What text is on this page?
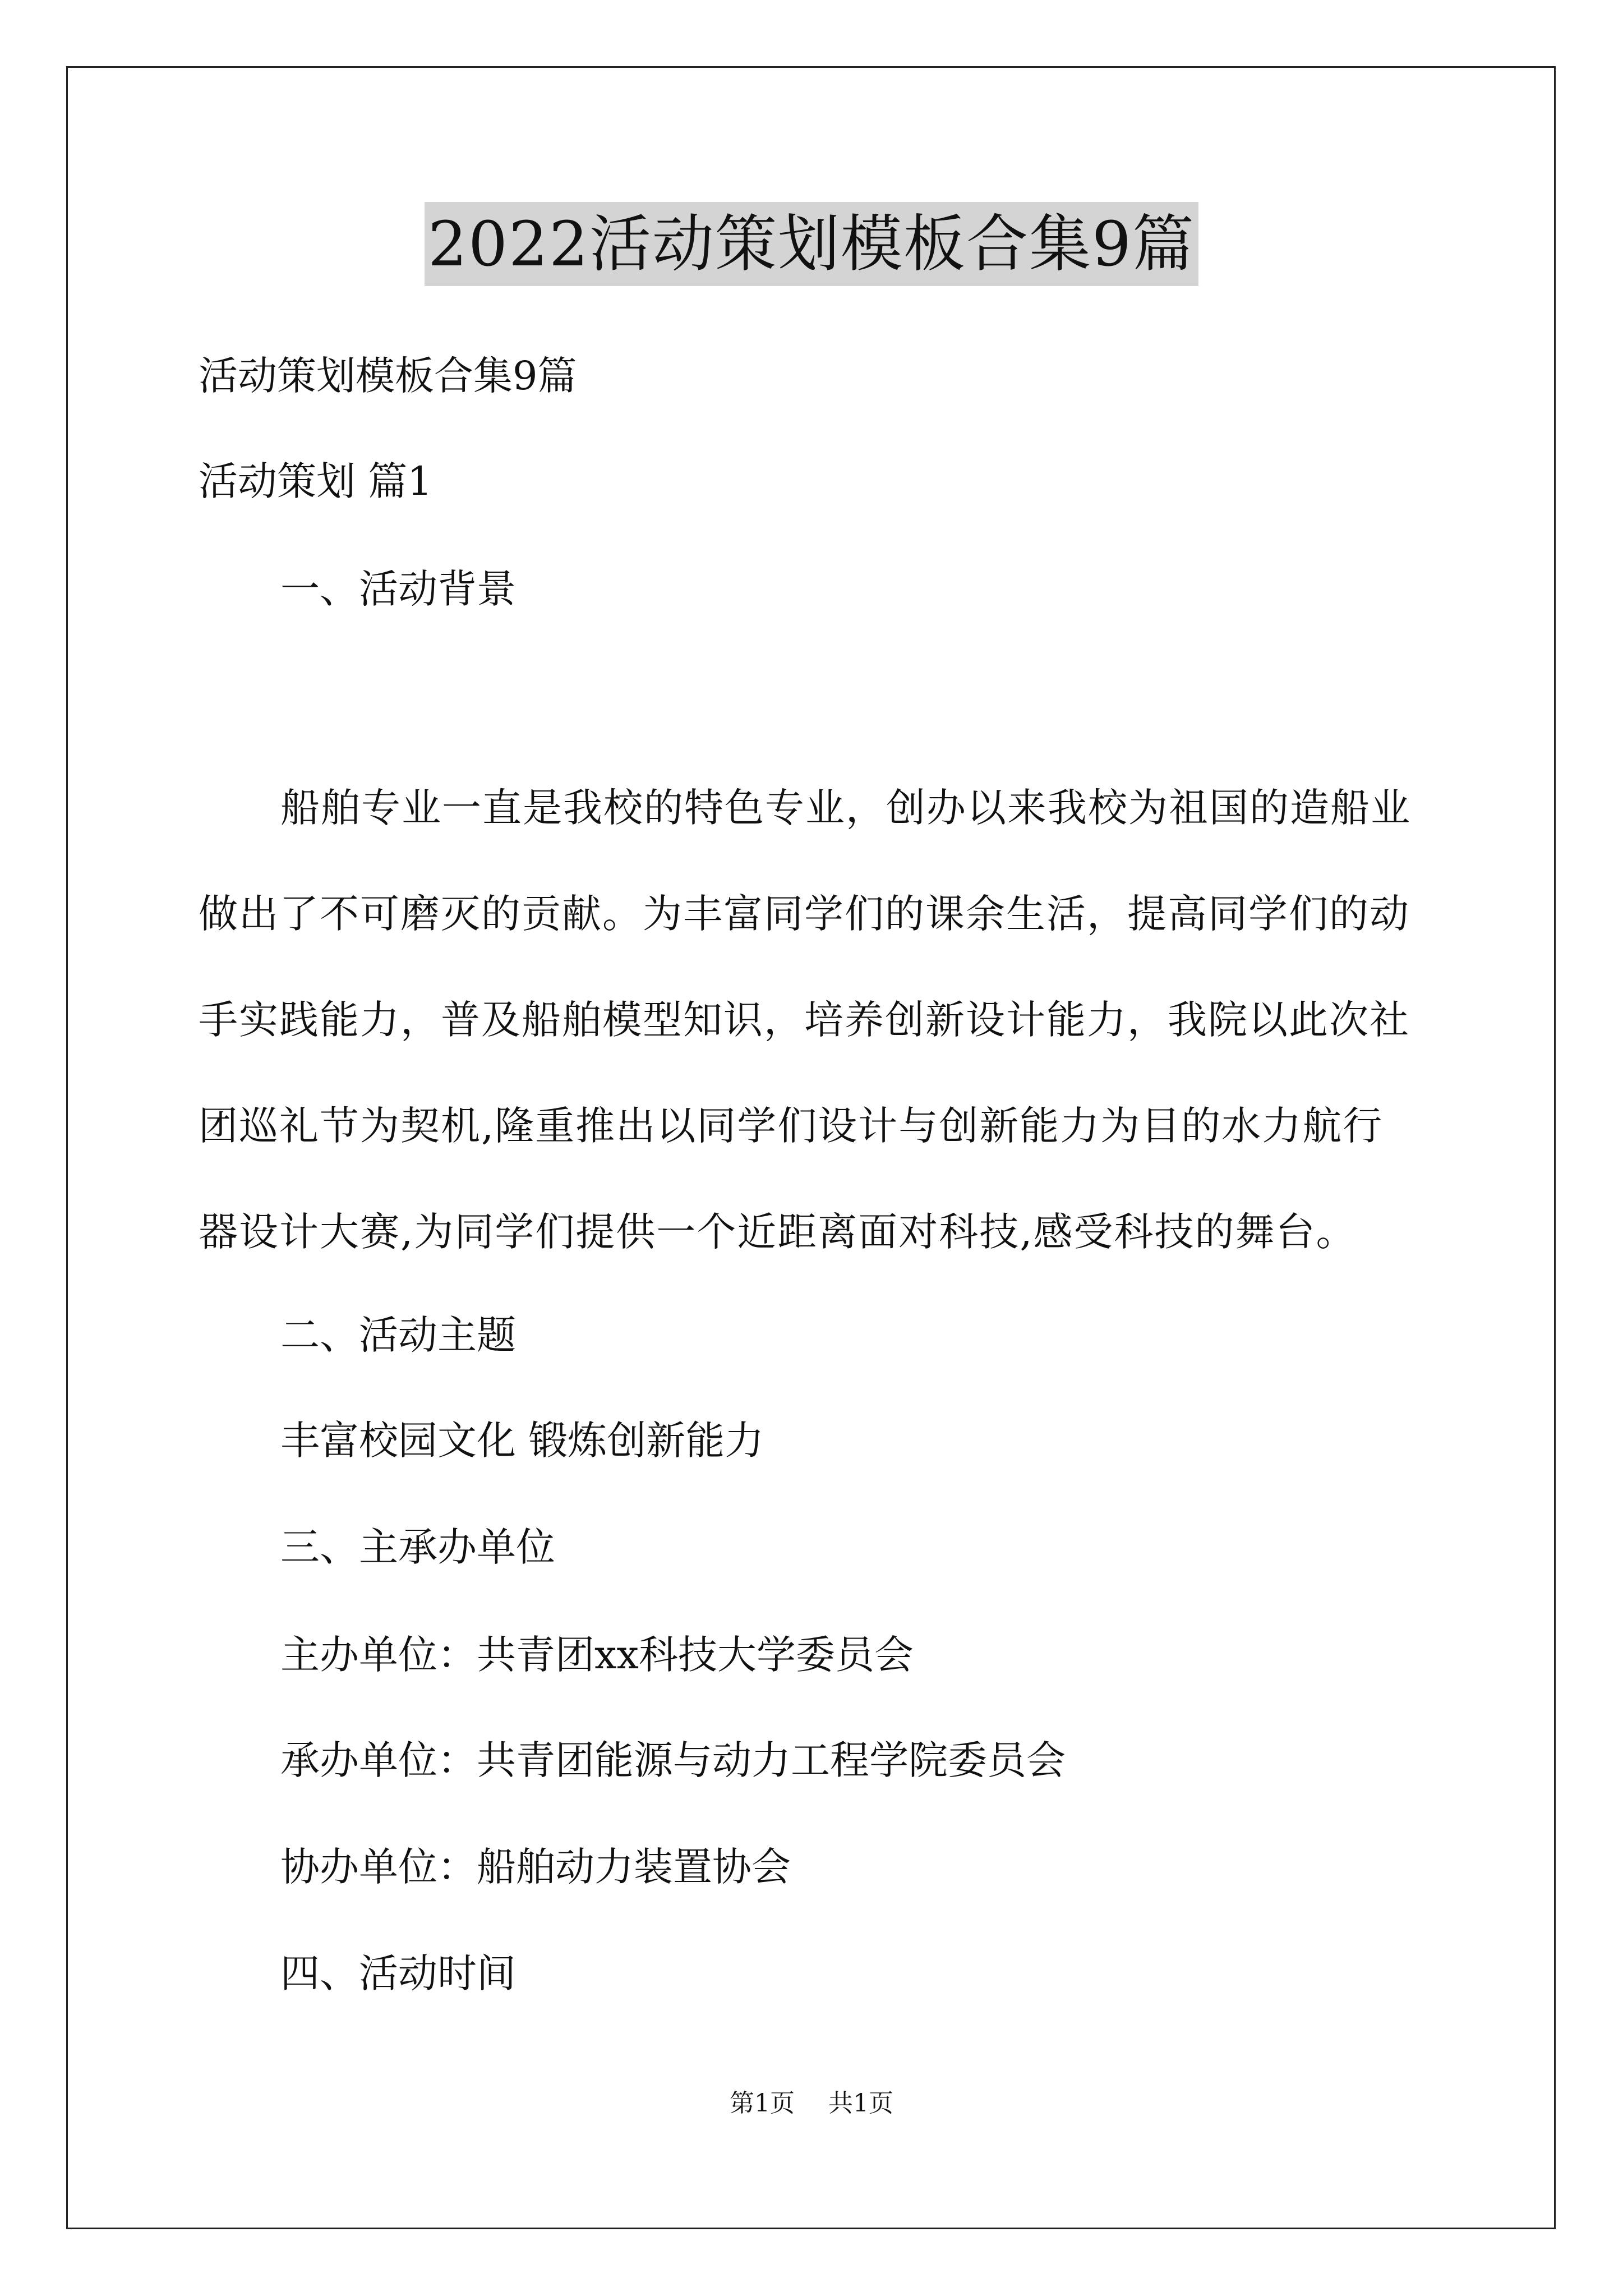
2022活动策划模板合集9篇
活动策划模板合集9篇
活动策划 篇1
一、活动背景
船舶专业一直是我校的特色专业，创办以来我校为祖国的造船业
做出了不可磨灭的贡献。为丰富同学们的课余生活，提高同学们的动
手实践能力，普及船舶模型知识，培养创新设计能力，我院以此次社
团巡礼节为契机,隆重推出以同学们设计与创新能力为目的水力航行
器设计大赛,为同学们提供一个近距离面对科技,感受科技的舞台。
二、活动主题
丰富校园文化 锻炼创新能力
三、主承办单位
主办单位：共青团xx科技大学委员会
承办单位：共青团能源与动力工程学院委员会
协办单位：船舶动力装置协会
四、活动时间
第1页 共1页
